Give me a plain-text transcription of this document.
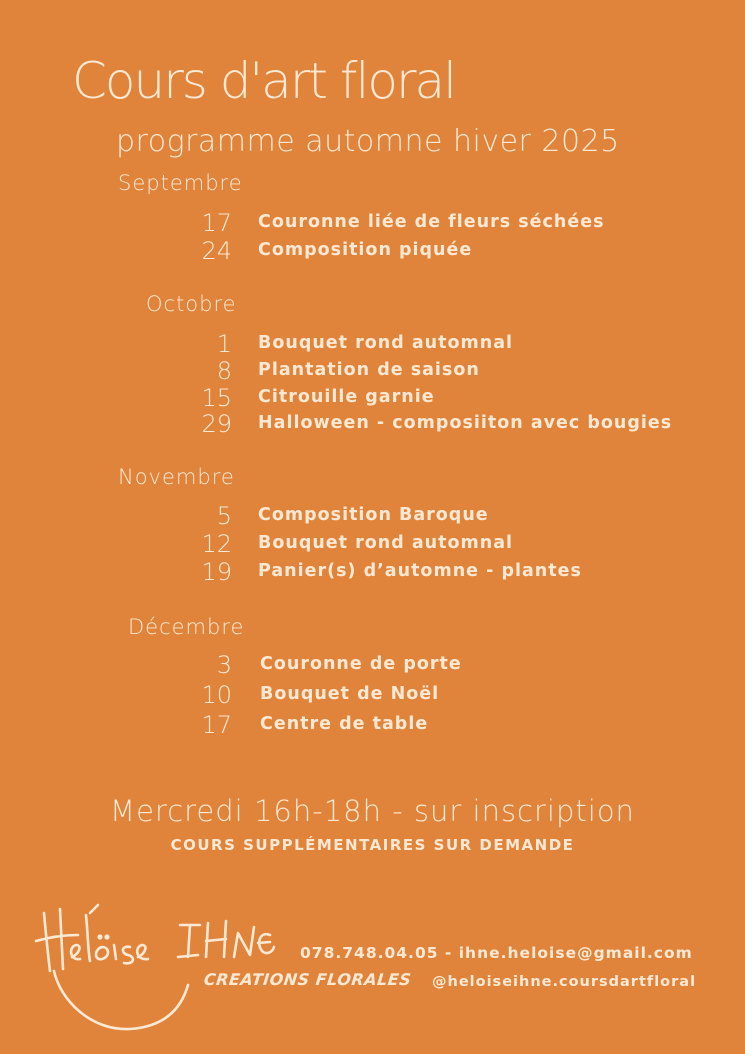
Cours d'art floral
programme automne hiver 2025
Septembre
17 Couronne liée de fleurs séchées
24 Composition piquée
Octobre
1 Bouquet rond automnal
8 Plantation de saison
15 Citrouille garnie
29 Halloween - composiiton avec bougies
Novembre
5 Composition Baroque
12 Bouquet rond automnal
19 Panier(s) d’automne - plantes
Décembre
3 Couronne de porte
10 Bouquet de Noël
17 Centre de table
Mercredi 16h-18h - sur inscription
COURS SUPPLÉMENTAIRES SUR DEMANDE
CREATIONS FLORALES
078.748.04.05 - ihne.heloise@gmail.com
@heloiseihne.coursdartfloral
